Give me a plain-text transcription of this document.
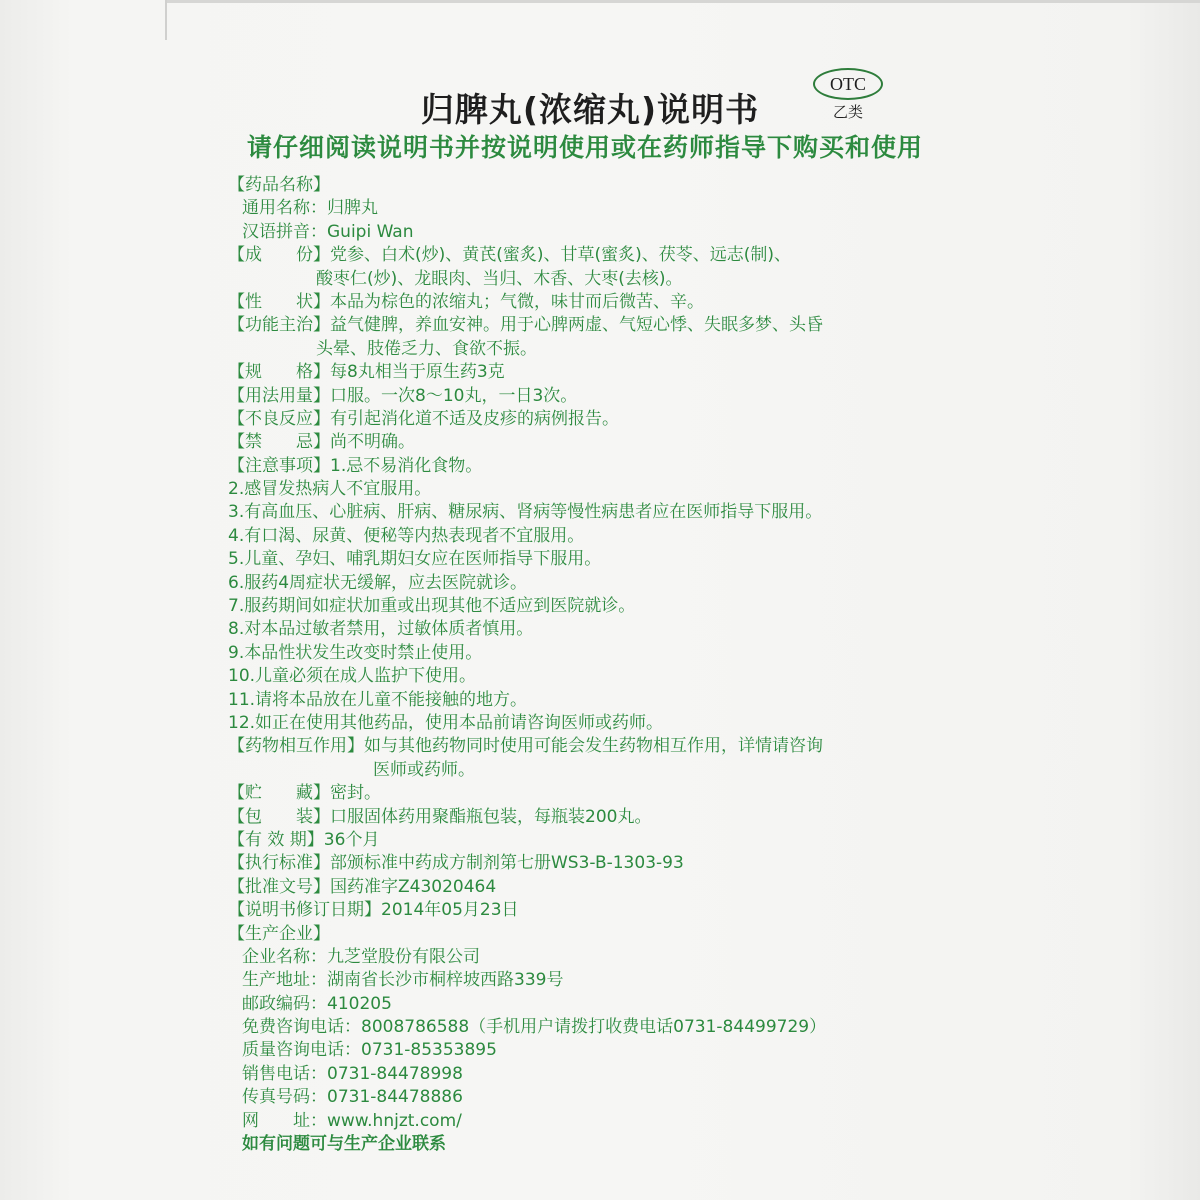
归脾丸(浓缩丸)说明书
OTC
乙类
请仔细阅读说明书并按说明使用或在药师指导下购买和使用
【药品名称】
通用名称：归脾丸
汉语拼音：Guipi Wan
【成　　份】党参、白术(炒)、黄芪(蜜炙)、甘草(蜜炙)、茯苓、远志(制)、
酸枣仁(炒)、龙眼肉、当归、木香、大枣(去核)。
【性　　状】本品为棕色的浓缩丸；气微，味甘而后微苦、辛。
【功能主治】益气健脾，养血安神。用于心脾两虚、气短心悸、失眠多梦、头昏
头晕、肢倦乏力、食欲不振。
【规　　格】每8丸相当于原生药3克
【用法用量】口服。一次8～10丸，一日3次。
【不良反应】有引起消化道不适及皮疹的病例报告。
【禁　　忌】尚不明确。
【注意事项】1.忌不易消化食物。
2.感冒发热病人不宜服用。
3.有高血压、心脏病、肝病、糖尿病、肾病等慢性病患者应在医师指导下服用。
4.有口渴、尿黄、便秘等内热表现者不宜服用。
5.儿童、孕妇、哺乳期妇女应在医师指导下服用。
6.服药4周症状无缓解，应去医院就诊。
7.服药期间如症状加重或出现其他不适应到医院就诊。
8.对本品过敏者禁用，过敏体质者慎用。
9.本品性状发生改变时禁止使用。
10.儿童必须在成人监护下使用。
11.请将本品放在儿童不能接触的地方。
12.如正在使用其他药品，使用本品前请咨询医师或药师。
【药物相互作用】如与其他药物同时使用可能会发生药物相互作用，详情请咨询
医师或药师。
【贮　　藏】密封。
【包　　装】口服固体药用聚酯瓶包装，每瓶装200丸。
【有 效 期】36个月
【执行标准】部颁标准中药成方制剂第七册WS3-B-1303-93
【批准文号】国药准字Z43020464
【说明书修订日期】2014年05月23日
【生产企业】
企业名称：九芝堂股份有限公司
生产地址：湖南省长沙市桐梓坡西路339号
邮政编码：410205
免费咨询电话：8008786588（手机用户请拨打收费电话0731-84499729）
质量咨询电话：0731-85353895
销售电话：0731-84478998
传真号码：0731-84478886
网　　址：www.hnjzt.com/
如有问题可与生产企业联系
